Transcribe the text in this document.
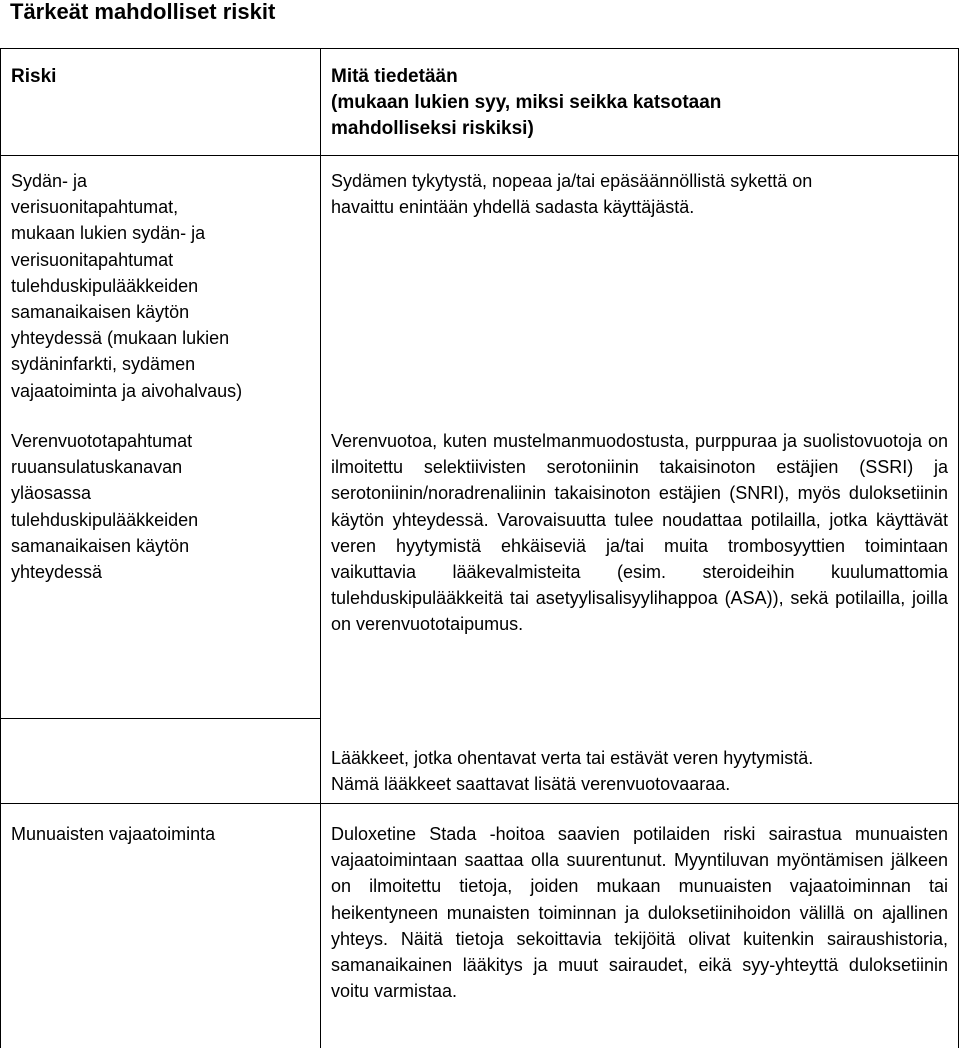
Tärkeät mahdolliset riskit
Riski	Mitä tiedetään
(mukaan lukien syy, miksi seikka katsotaan
mahdolliseksi riskiksi)
Sydän- ja
verisuonitapahtumat,
mukaan lukien sydän- ja
verisuonitapahtumat
tulehduskipulääkkeiden
samanaikaisen käytön
yhteydessä (mukaan lukien
sydäninfarkti, sydämen
vajaatoiminta ja aivohalvaus)
Sydämen tykytystä, nopeaa ja/tai epäsäännöllistä sykettä on
havaittu enintään yhdellä sadasta käyttäjästä.
Verenvuototapahtumat
ruuansulatuskanavan
yläosassa
tulehduskipulääkkeiden
samanaikaisen käytön
yhteydessä
Verenvuotoa, kuten mustelmanmuodostusta, purppuraa ja suolistovuotoja on ilmoitettu selektiivisten serotoniinin takaisinoton estäjien (SSRI) ja serotoniinin/noradrenaliinin takaisinoton estäjien (SNRI), myös duloksetiinin käytön yhteydessä. Varovaisuutta tulee noudattaa potilailla, jotka käyttävät veren hyytymistä ehkäiseviä ja/tai muita trombosyyttien toimintaan vaikuttavia lääkevalmisteita (esim. steroideihin kuulumattomia tulehduskipulääkkeitä tai asetyylisalisyylihappoa (ASA)), sekä potilailla, joilla on verenvuototaipumus.
Lääkkeet, jotka ohentavat verta tai estävät veren hyytymistä.
Nämä lääkkeet saattavat lisätä verenvuotovaaraa.
Munuaisten vajaatoiminta	Duloxetine Stada -hoitoa saavien potilaiden riski sairastua munuaisten vajaatoimintaan saattaa olla suurentunut. Myyntiluvan myöntämisen jälkeen on ilmoitettu tietoja, joiden mukaan munuaisten vajaatoiminnan tai heikentyneen munaisten toiminnan ja duloksetiinihoidon välillä on ajallinen yhteys. Näitä tietoja sekoittavia tekijöitä olivat kuitenkin sairaushistoria, samanaikainen lääkitys ja muut sairaudet, eikä syy-yhteyttä duloksetiinin voitu varmistaa.
